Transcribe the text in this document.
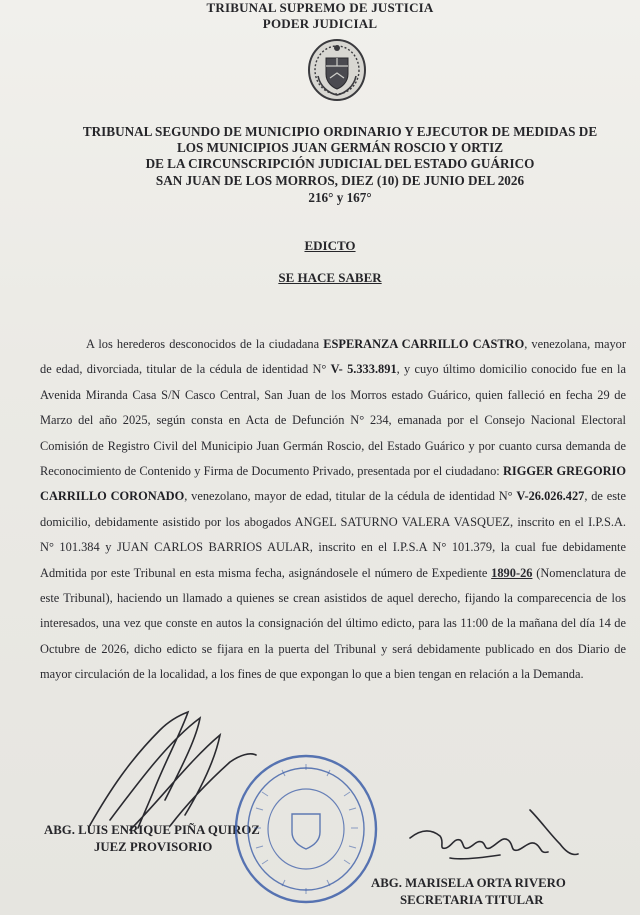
TRIBUNAL SUPREMO DE JUSTICIA
PODER JUDICIAL
TRIBUNAL SEGUNDO DE MUNICIPIO ORDINARIO Y EJECUTOR DE MEDIDAS DE
LOS MUNICIPIOS JUAN GERMÁN ROSCIO Y ORTIZ
DE LA CIRCUNSCRIPCIÓN JUDICIAL DEL ESTADO GUÁRICO
SAN JUAN DE LOS MORROS, DIEZ (10) DE JUNIO DEL 2026
216° y 167°
EDICTO
SE HACE SABER

A los herederos desconocidos de la ciudadana ESPERANZA CARRILLO CASTRO, venezolana, mayor de edad, divorciada, titular de la cédula de identidad N° V- 5.333.891, y cuyo último domicilio conocido fue en la Avenida Miranda Casa S/N Casco Central, San Juan de los Morros estado Guárico, quien falleció en fecha 29 de Marzo del año 2025, según consta en Acta de Defunción N° 234, emanada por el Consejo Nacional Electoral Comisión de Registro Civil del Municipio Juan Germán Roscio, del Estado Guárico y por cuanto cursa demanda de Reconocimiento de Contenido y Firma de Documento Privado, presentada por el ciudadano: RIGGER GREGORIO CARRILLO CORONADO, venezolano, mayor de edad, titular de la cédula de identidad N° V-26.026.427, de este domicilio, debidamente asistido por los abogados ANGEL SATURNO VALERA VASQUEZ, inscrito en el I.P.S.A. N° 101.384 y JUAN CARLOS BARRIOS AULAR, inscrito en el I.P.S.A N° 101.379, la cual fue debidamente Admitida por este Tribunal en esta misma fecha, asignándosele el número de Expediente 1890-26 (Nomenclatura de este Tribunal), haciendo un llamado a quienes se crean asistidos de aquel derecho, fijando la comparecencia de los interesados, una vez que conste en autos la consignación del último edicto, para las 11:00 de la mañana del día 14 de Octubre de 2026, dicho edicto se fijara en la puerta del Tribunal y será debidamente publicado en dos Diario de mayor circulación de la localidad, a los fines de que expongan lo que a bien tengan en relación a la Demanda.

ABG. LUIS ENRIQUE PIÑA QUIROZ
JUEZ PROVISORIO
ABG. MARISELA ORTA RIVERO
SECRETARIA TITULAR
